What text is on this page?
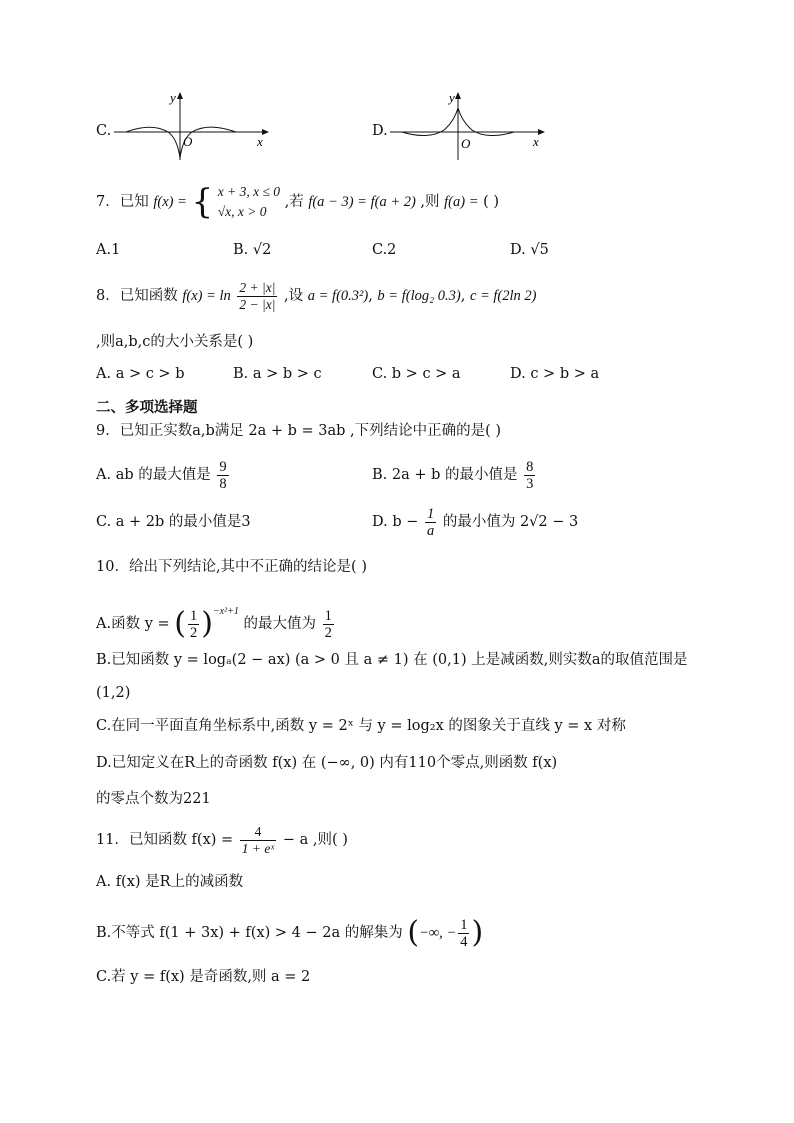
C.
y
x
O
D.
y
x
O
7．已知 f(x) = { x + 3, x ≤ 0
√x, x > 0
,若 f(a − 3) = f(a + 2) ,则 f(a) = ( )
A.1	B. √2	C.2	D. √5
8．已知函数 $f(x) = \ln \frac{2 + |x|}{2 - |x|}$ ,设 a = f(0.3²), b = f(log₂ 0.3), c = f(2ln 2)
,则a,b,c的大小关系是( )
A. a > c > b	B. a > b > c	C. b > c > a	D. c > b > a
二、多项选择题
9．已知正实数a,b满足 2a + b = 3ab ,下列结论中正确的是( )
A. ab 的最大值是 $\frac{9}{8}$	B. 2a + b 的最小值是 $\frac{8}{3}$
C. a + 2b 的最小值是3	D. $b - \frac{1}{a}$ 的最小值为 2√2 − 3
10．给出下列结论,其中不正确的结论是( )
A.函数 y = ( $\frac{1}{2} )^{-x^2+1}$ 的最大值为 $\frac{1}{2}$
B.已知函数 y = logₐ(2 − ax) (a > 0 且 a ≠ 1) 在 (0,1) 上是减函数,则实数a的取值范围是
(1,2)
C.在同一平面直角坐标系中,函数 y = 2ˣ 与 y = log₂x 的图象关于直线 y = x 对称
D.已知定义在R上的奇函数 f(x) 在 (−∞, 0) 内有110个零点,则函数 f(x)
的零点个数为221
11．已知函数 $f(x) = \frac{4}{\text{1 + eˣ}} - a$ ,则( )
A. f(x) 是R上的减函数
B.不等式 f(1 + 3x) + f(x) > 4 − 2a 的解集为 (−∞, − $\frac{1}{4}$ )
C.若 y = f(x) 是奇函数,则 a = 2
